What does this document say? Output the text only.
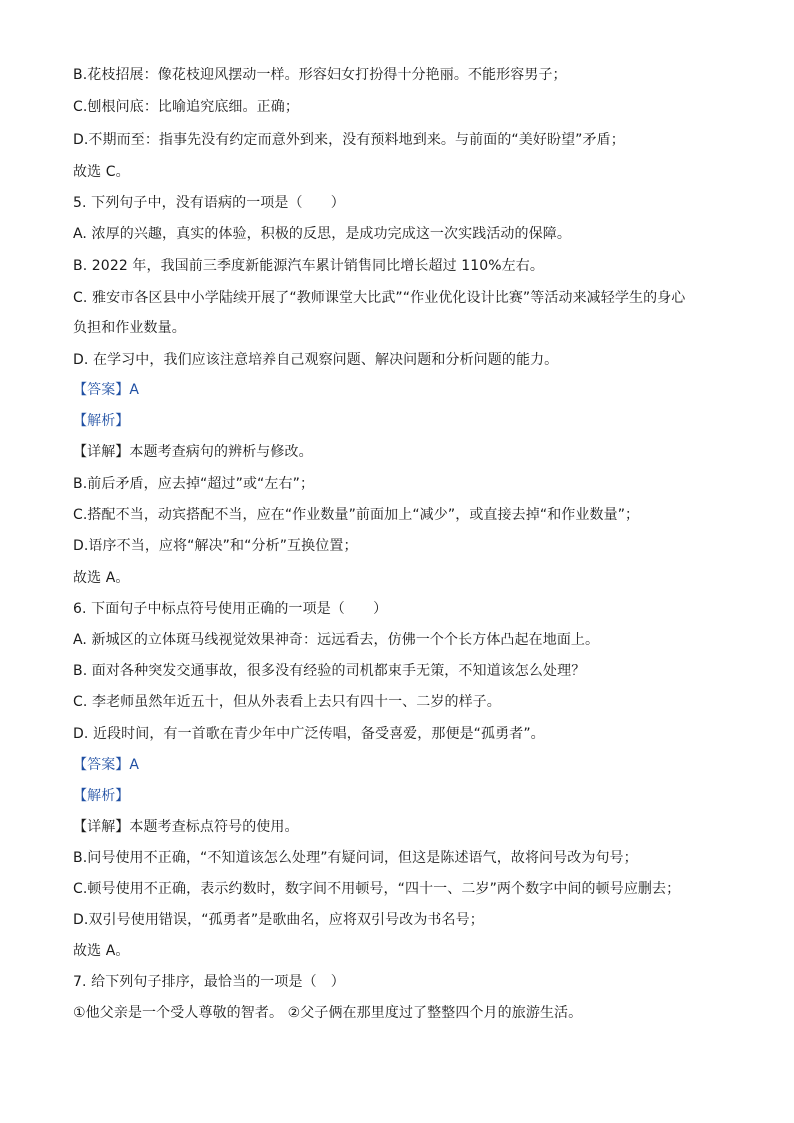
B.花枝招展：像花枝迎风摆动一样。形容妇女打扮得十分艳丽。不能形容男子；
C.刨根问底：比喻追究底细。正确；
D.不期而至：指事先没有约定而意外到来，没有预料地到来。与前面的“美好盼望”矛盾；
故选 C。
5. 下列句子中，没有语病的一项是（　　）
A. 浓厚的兴趣，真实的体验，积极的反思，是成功完成这一次实践活动的保障。
B. 2022 年，我国前三季度新能源汽车累计销售同比增长超过 110%左右。
C. 雅安市各区县中小学陆续开展了“教师课堂大比武”“作业优化设计比赛”等活动来减轻学生的身心
负担和作业数量。
D. 在学习中，我们应该注意培养自己观察问题、解决问题和分析问题的能力。
【答案】A
【解析】
【详解】本题考查病句的辨析与修改。
B.前后矛盾，应去掉“超过”或“左右”；
C.搭配不当，动宾搭配不当，应在“作业数量”前面加上“减少”，或直接去掉“和作业数量”；
D.语序不当，应将“解决”和“分析”互换位置；
故选 A。
6. 下面句子中标点符号使用正确的一项是（　　）
A. 新城区的立体斑马线视觉效果神奇：远远看去，仿佛一个个长方体凸起在地面上。
B. 面对各种突发交通事故，很多没有经验的司机都束手无策，不知道该怎么处理？
C. 李老师虽然年近五十，但从外表看上去只有四十一、二岁的样子。
D. 近段时间，有一首歌在青少年中广泛传唱，备受喜爱，那便是“孤勇者”。
【答案】A
【解析】
【详解】本题考查标点符号的使用。
B.问号使用不正确，“不知道该怎么处理”有疑问词，但这是陈述语气，故将问号改为句号；
C.顿号使用不正确，表示约数时，数字间不用顿号，“四十一、二岁”两个数字中间的顿号应删去；
D.双引号使用错误，“孤勇者”是歌曲名，应将双引号改为书名号；
故选 A。
7. 给下列句子排序，最恰当的一项是（　）
①他父亲是一个受人尊敬的智者。 ②父子俩在那里度过了整整四个月的旅游生活。
